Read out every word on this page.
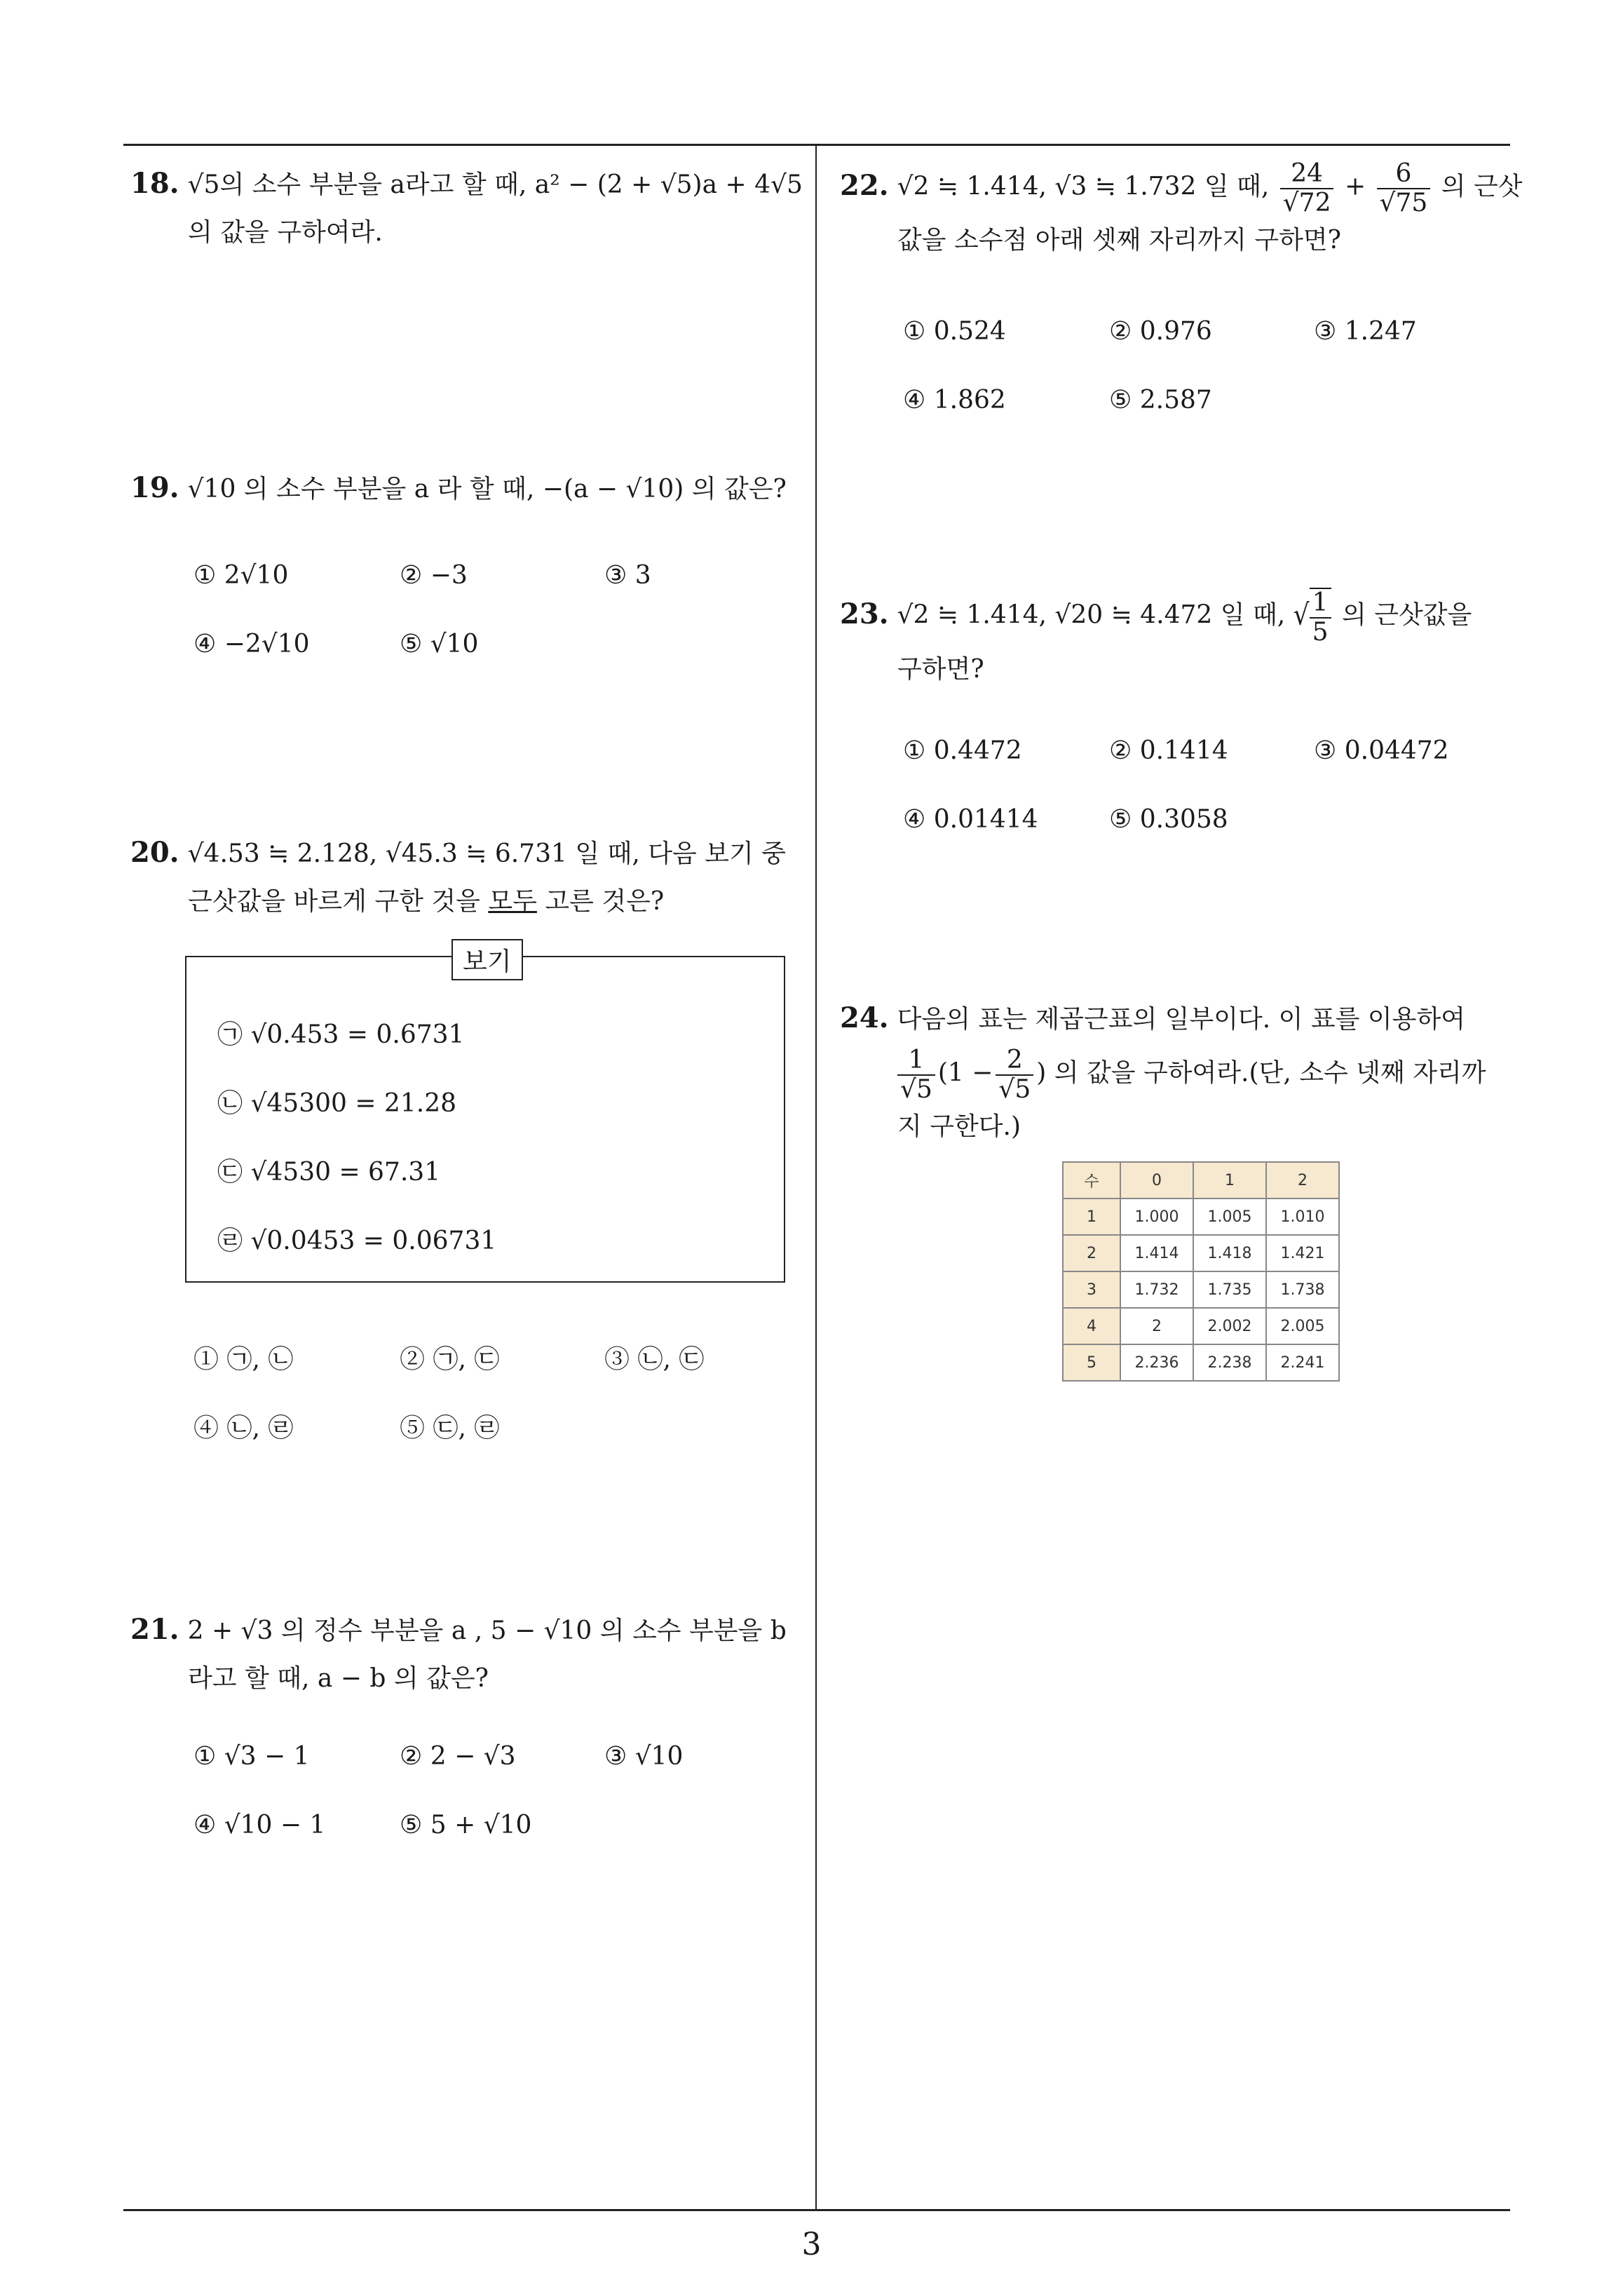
18. √5의 소수 부분을 a라고 할 때, a² − (2 + √5)a + 4√5
의 값을 구하여라.
19. √10 의 소수 부분을 a 라 할 때, −(a − √10) 의 값은?
① 2√10	② −3	③ 3
④ −2√10	⑤ √10
20. √4.53 ≒ 2.128, √45.3 ≒ 6.731 일 때, 다음 보기 중
근삿값을 바르게 구한 것을 모두 고른 것은?
보기
㉠ √0.453 = 0.6731
㉡ √45300 = 21.28
㉢ √4530 = 67.31
㉣ √0.0453 = 0.06731
① ㉠, ㉡	② ㉠, ㉢	③ ㉡, ㉢
④ ㉡, ㉣	⑤ ㉢, ㉣
21. 2 + √3 의 정수 부분을 a , 5 − √10 의 소수 부분을 b
라고 할 때, a − b 의 값은?
① √3 − 1	② 2 − √3	③ √10
④ √10 − 1	⑤ 5 + √10
22. √2 ≒ 1.414, √3 ≒ 1.732 일 때, $\frac{24}{√72} + \frac{6}{√75}$ 의 근삿
값을 소수점 아래 셋째 자리까지 구하면?
① 0.524	② 0.976	③ 1.247
④ 1.862	⑤ 2.587
23. √2 ≒ 1.414, √20 ≒ 4.472 일 때, √ $\frac{1}{5}$ 의 근삿값을
구하면?
① 0.4472	② 0.1414	③ 0.04472
④ 0.01414	⑤ 0.3058
24. 다음의 표는 제곱근표의 일부이다. 이 표를 이용하여
$\frac{1}{√5} (1 - \frac{2}{√5}$ ) 의 값을 구하여라.(단, 소수 넷째 자리까
지 구한다.)
수	0	1	2
1	1.000	1.005	1.010
2	1.414	1.418	1.421
3	1.732	1.735	1.738
4	2	2.002	2.005
5	2.236	2.238	2.241
3
